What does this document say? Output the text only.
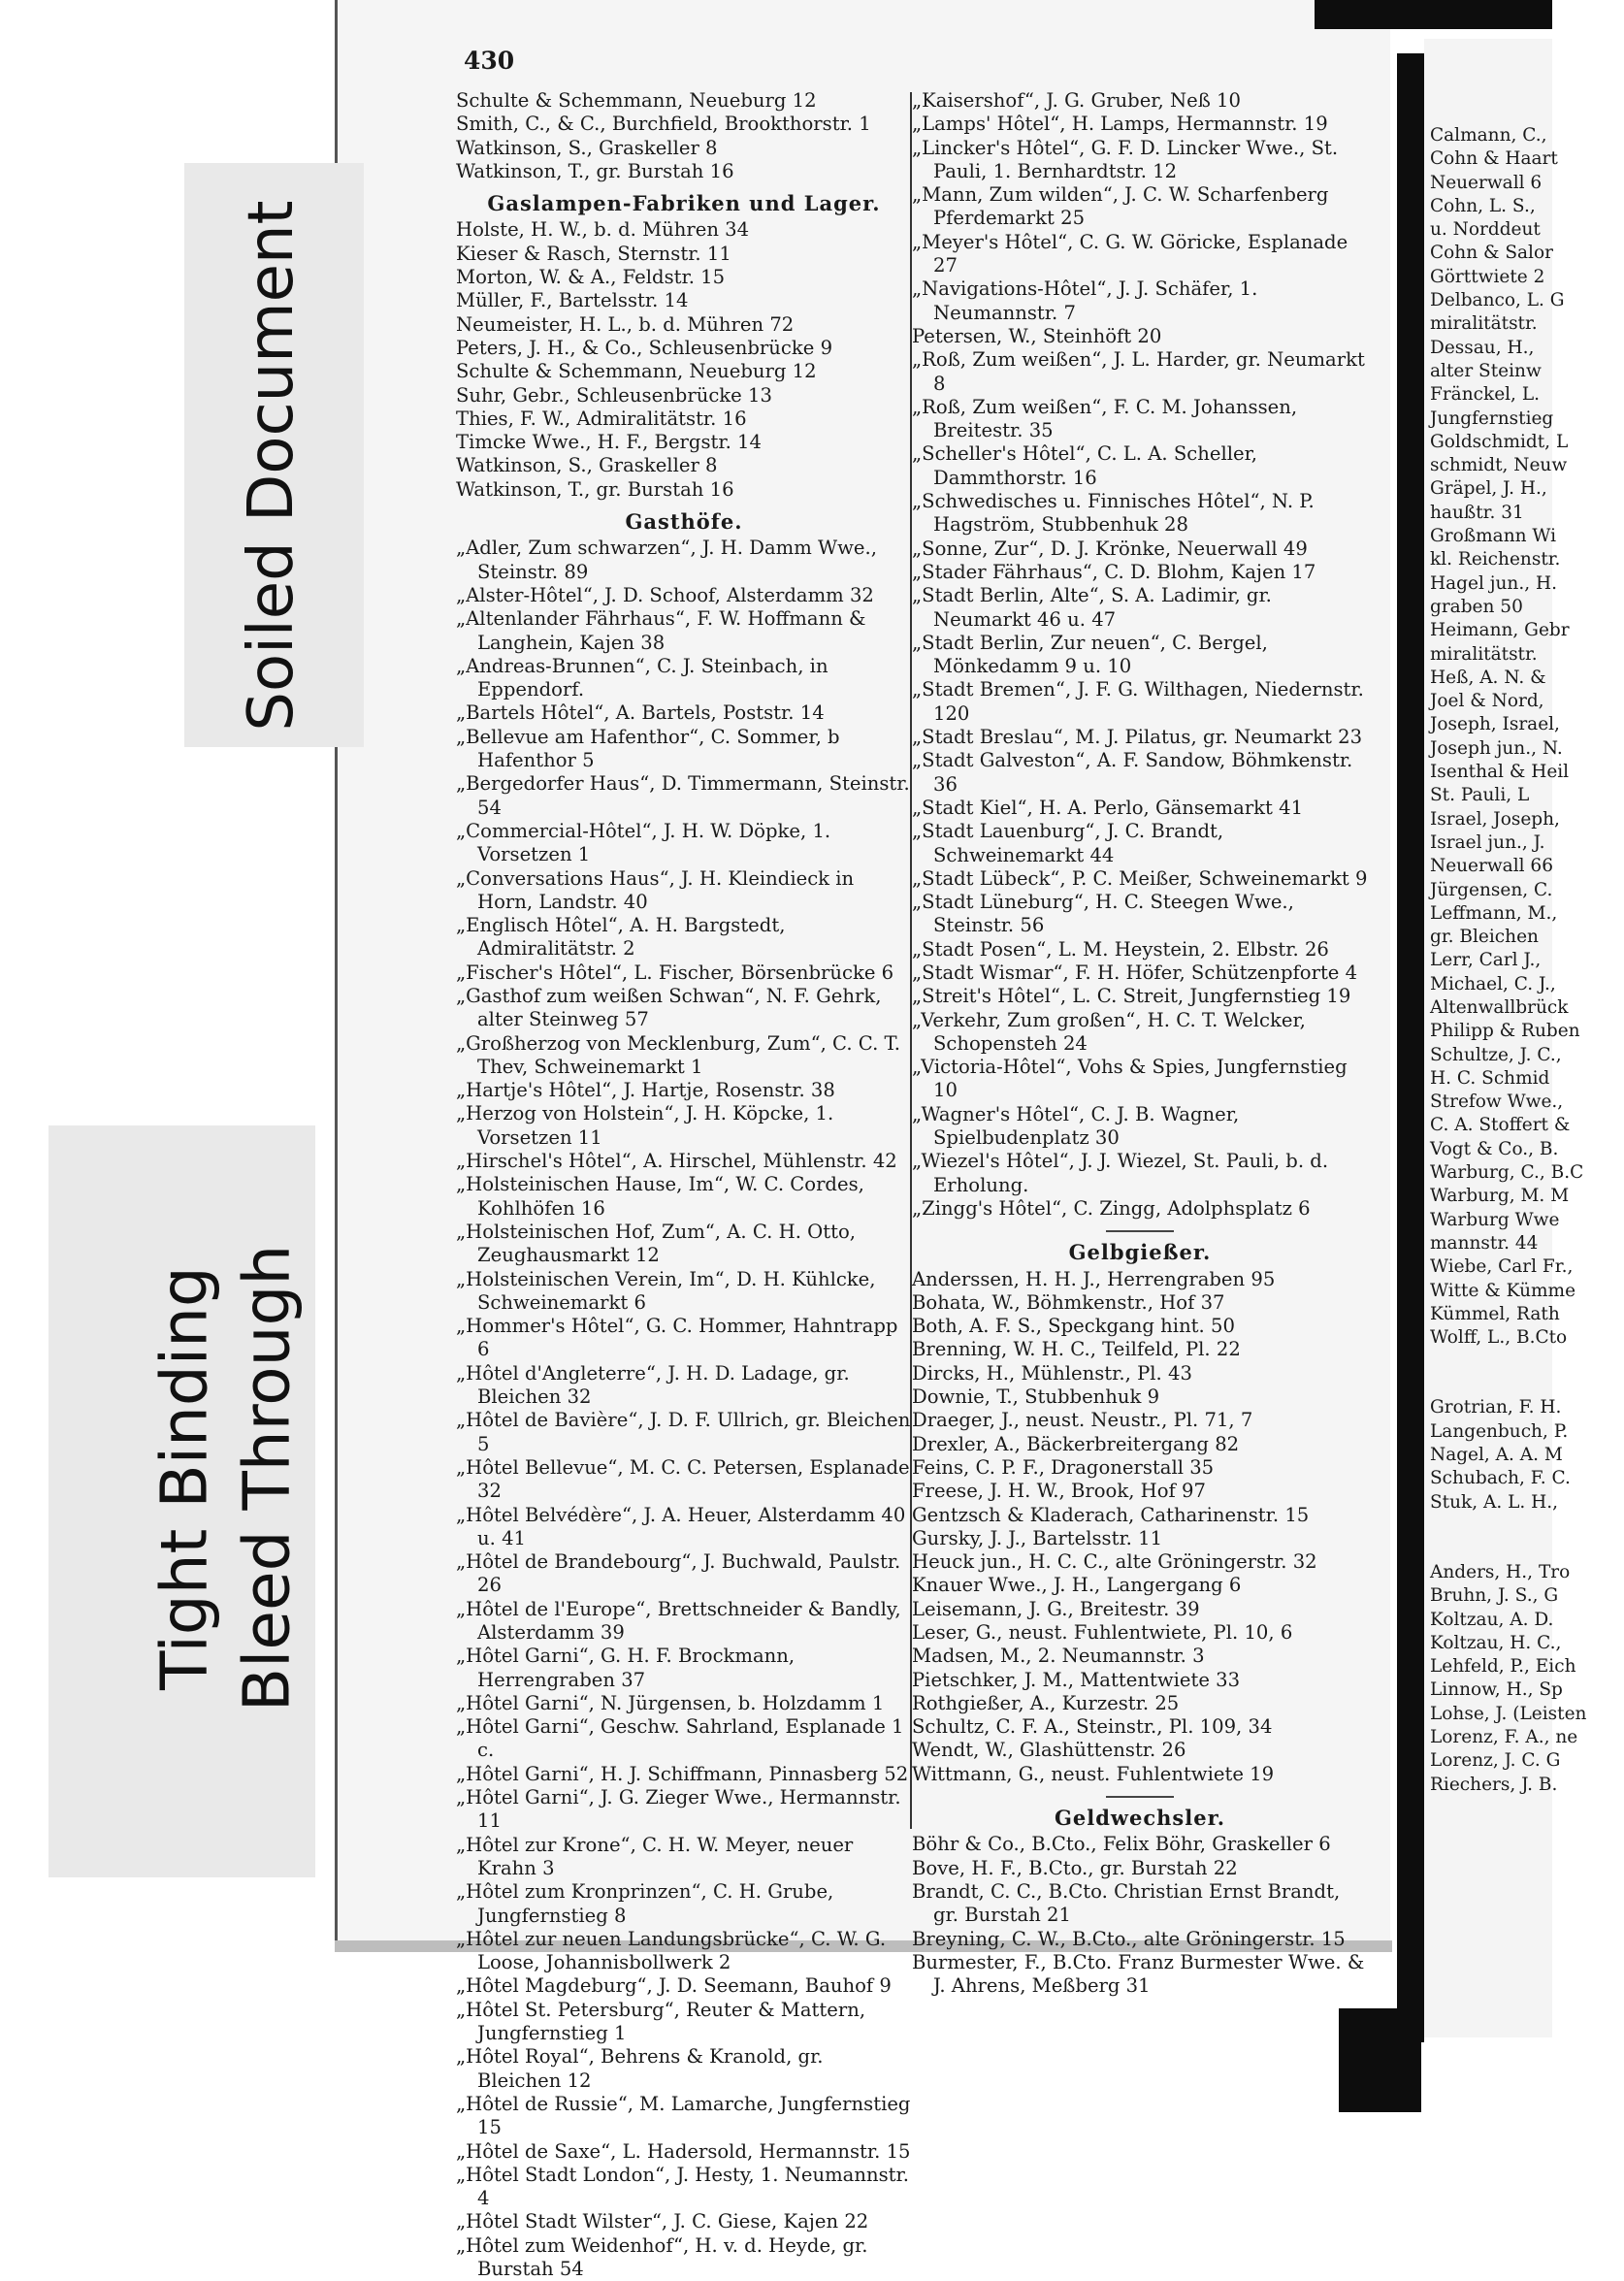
Soiled Document
Tight Binding Bleed Through
430
Schulte & Schemmann, Neueburg 12
Smith, C., & C., Burchfield, Brookthorstr. 1
Watkinson, S., Graskeller 8
Watkinson, T., gr. Burstah 16
Gaslampen-Fabriken und Lager.
Holste, H. W., b. d. Mühren 34
Kieser & Rasch, Sternstr. 11
Morton, W. & A., Feldstr. 15
Müller, F., Bartelsstr. 14
Neumeister, H. L., b. d. Mühren 72
Peters, J. H., & Co., Schleusenbrücke 9
Schulte & Schemmann, Neueburg 12
Suhr, Gebr., Schleusenbrücke 13
Thies, F. W., Admiralitätstr. 16
Timcke Wwe., H. F., Bergstr. 14
Watkinson, S., Graskeller 8
Watkinson, T., gr. Burstah 16
Gasthöfe.
„Adler, Zum schwarzen“, J. H. Damm Wwe., Steinstr. 89
„Alster-Hôtel“, J. D. Schoof, Alsterdamm 32
„Altenlander Fährhaus“, F. W. Hoffmann & Langhein, Kajen 38
„Andreas-Brunnen“, C. J. Steinbach, in Eppendorf.
„Bartels Hôtel“, A. Bartels, Poststr. 14
„Bellevue am Hafenthor“, C. Sommer, b Hafenthor 5
„Bergedorfer Haus“, D. Timmermann, Steinstr. 54
„Commercial-Hôtel“, J. H. W. Döpke, 1. Vorsetzen 1
„Conversations Haus“, J. H. Kleindieck in Horn, Landstr. 40
„Englisch Hôtel“, A. H. Bargstedt, Admiralitätstr. 2
„Fischer's Hôtel“, L. Fischer, Börsenbrücke 6
„Gasthof zum weißen Schwan“, N. F. Gehrk, alter Steinweg 57
„Großherzog von Mecklenburg, Zum“, C. C. T. Thev, Schweinemarkt 1
„Hartje's Hôtel“, J. Hartje, Rosenstr. 38
„Herzog von Holstein“, J. H. Köpcke, 1. Vorsetzen 11
„Hirschel's Hôtel“, A. Hirschel, Mühlenstr. 42
„Holsteinischen Hause, Im“, W. C. Cordes, Kohlhöfen 16
„Holsteinischen Hof, Zum“, A. C. H. Otto, Zeughausmarkt 12
„Holsteinischen Verein, Im“, D. H. Kühlcke, Schweinemarkt 6
„Hommer's Hôtel“, G. C. Hommer, Hahntrapp 6
„Hôtel d'Angleterre“, J. H. D. Ladage, gr. Bleichen 32
„Hôtel de Bavière“, J. D. F. Ullrich, gr. Bleichen 5
„Hôtel Bellevue“, M. C. C. Petersen, Esplanade 32
„Hôtel Belvédère“, J. A. Heuer, Alsterdamm 40 u. 41
„Hôtel de Brandebourg“, J. Buchwald, Paulstr. 26
„Hôtel de l'Europe“, Brettschneider & Bandly, Alsterdamm 39
„Hôtel Garni“, G. H. F. Brockmann, Herrengraben 37
„Hôtel Garni“, N. Jürgensen, b. Holzdamm 1
„Hôtel Garni“, Geschw. Sahrland, Esplanade 1 c.
„Hôtel Garni“, H. J. Schiffmann, Pinnasberg 52
„Hôtel Garni“, J. G. Zieger Wwe., Hermannstr. 11
„Hôtel zur Krone“, C. H. W. Meyer, neuer Krahn 3
„Hôtel zum Kronprinzen“, C. H. Grube, Jungfernstieg 8
„Hôtel zur neuen Landungsbrücke“, C. W. G. Loose, Johannisbollwerk 2
„Hôtel Magdeburg“, J. D. Seemann, Bauhof 9
„Hôtel St. Petersburg“, Reuter & Mattern, Jungfernstieg 1
„Hôtel Royal“, Behrens & Kranold, gr. Bleichen 12
„Hôtel de Russie“, M. Lamarche, Jungfernstieg 15
„Hôtel de Saxe“, L. Hadersold, Hermannstr. 15
„Hôtel Stadt London“, J. Hesty, 1. Neumannstr. 4
„Hôtel Stadt Wilster“, J. C. Giese, Kajen 22
„Hôtel zum Weidenhof“, H. v. d. Heyde, gr. Burstah 54
„Kaisershof“, J. G. Gruber, Neß 10
„Lamps' Hôtel“, H. Lamps, Hermannstr. 19
„Lincker's Hôtel“, G. F. D. Lincker Wwe., St. Pauli, 1. Bernhardtstr. 12
„Mann, Zum wilden“, J. C. W. Scharfenberg Pferdemarkt 25
„Meyer's Hôtel“, C. G. W. Göricke, Esplanade 27
„Navigations-Hôtel“, J. J. Schäfer, 1. Neumannstr. 7
Petersen, W., Steinhöft 20
„Roß, Zum weißen“, J. L. Harder, gr. Neumarkt 8
„Roß, Zum weißen“, F. C. M. Johanssen, Breitestr. 35
„Scheller's Hôtel“, C. L. A. Scheller, Dammthorstr. 16
„Schwedisches u. Finnisches Hôtel“, N. P. Hagström, Stubbenhuk 28
„Sonne, Zur“, D. J. Krönke, Neuerwall 49
„Stader Fährhaus“, C. D. Blohm, Kajen 17
„Stadt Berlin, Alte“, S. A. Ladimir, gr. Neumarkt 46 u. 47
„Stadt Berlin, Zur neuen“, C. Bergel, Mönkedamm 9 u. 10
„Stadt Bremen“, J. F. G. Wilthagen, Niedernstr. 120
„Stadt Breslau“, M. J. Pilatus, gr. Neumarkt 23
„Stadt Galveston“, A. F. Sandow, Böhmkenstr. 36
„Stadt Kiel“, H. A. Perlo, Gänsemarkt 41
„Stadt Lauenburg“, J. C. Brandt, Schweinemarkt 44
„Stadt Lübeck“, P. C. Meißer, Schweinemarkt 9
„Stadt Lüneburg“, H. C. Steegen Wwe., Steinstr. 56
„Stadt Posen“, L. M. Heystein, 2. Elbstr. 26
„Stadt Wismar“, F. H. Höfer, Schützenpforte 4
„Streit's Hôtel“, L. C. Streit, Jungfernstieg 19
„Verkehr, Zum großen“, H. C. T. Welcker, Schopensteh 24
„Victoria-Hôtel“, Vohs & Spies, Jungfernstieg 10
„Wagner's Hôtel“, C. J. B. Wagner, Spielbudenplatz 30
„Wiezel's Hôtel“, J. J. Wiezel, St. Pauli, b. d. Erholung.
„Zingg's Hôtel“, C. Zingg, Adolphsplatz 6
Gelbgießer.
Anderssen, H. H. J., Herrengraben 95
Bohata, W., Böhmkenstr., Hof 37
Both, A. F. S., Speckgang hint. 50
Brenning, W. H. C., Teilfeld, Pl. 22
Dircks, H., Mühlenstr., Pl. 43
Downie, T., Stubbenhuk 9
Draeger, J., neust. Neustr., Pl. 71, 7
Drexler, A., Bäckerbreitergang 82
Feins, C. P. F., Dragonerstall 35
Freese, J. H. W., Brook, Hof 97
Gentzsch & Kladerach, Catharinenstr. 15
Gursky, J. J., Bartelsstr. 11
Heuck jun., H. C. C., alte Gröningerstr. 32
Knauer Wwe., J. H., Langergang 6
Leisemann, J. G., Breitestr. 39
Leser, G., neust. Fuhlentwiete, Pl. 10, 6
Madsen, M., 2. Neumannstr. 3
Pietschker, J. M., Mattentwiete 33
Rothgießer, A., Kurzestr. 25
Schultz, C. F. A., Steinstr., Pl. 109, 34
Wendt, W., Glashüttenstr. 26
Wittmann, G., neust. Fuhlentwiete 19
Geldwechsler.
Böhr & Co., B.Cto., Felix Böhr, Graskeller 6
Bove, H. F., B.Cto., gr. Burstah 22
Brandt, C. C., B.Cto. Christian Ernst Brandt, gr. Burstah 21
Breyning, C. W., B.Cto., alte Gröningerstr. 15
Burmester, F., B.Cto. Franz Burmester Wwe. & J. Ahrens, Meßberg 31
Calmann, C.,
Cohn & Haart
Neuerwall 6
Cohn, L. S.,
u. Norddeut
Cohn & Salor
Görttwiete 2
Delbanco, L. G
miralitätstr.
Dessau, H.,
alter Steinw
Fränckel, L.
Jungfernstieg
Goldschmidt, L
schmidt, Neuw
Gräpel, J. H.,
haußtr. 31
Großmann Wi
kl. Reichenstr.
Hagel jun., H.
graben 50
Heimann, Gebr
miralitätstr.
Heß, A. N. &
Joel & Nord,
Joseph, Israel,
Joseph jun., N.
Isenthal & Heil
St. Pauli, L
Israel, Joseph,
Israel jun., J.
Neuerwall 66
Jürgensen, C.
Leffmann, M.,
gr. Bleichen
Lerr, Carl J.,
Michael, C. J.,
Altenwallbrück
Philipp & Ruben
Schultze, J. C.,
H. C. Schmid
Strefow Wwe.,
C. A. Stoffert &
Vogt & Co., B.
Warburg, C., B.C
Warburg, M. M
Warburg Wwe
mannstr. 44
Wiebe, Carl Fr.,
Witte & Kümme
Kümmel, Rath
Wolff, L., B.Cto
Grotrian, F. H.
Langenbuch, P.
Nagel, A. A. M
Schubach, F. C.
Stuk, A. L. H.,
Anders, H., Tro
Bruhn, J. S., G
Koltzau, A. D.
Koltzau, H. C.,
Lehfeld, P., Eich
Linnow, H., Sp
Lohse, J. (Leisten
Lorenz, F. A., ne
Lorenz, J. C. G
Riechers, J. B.
